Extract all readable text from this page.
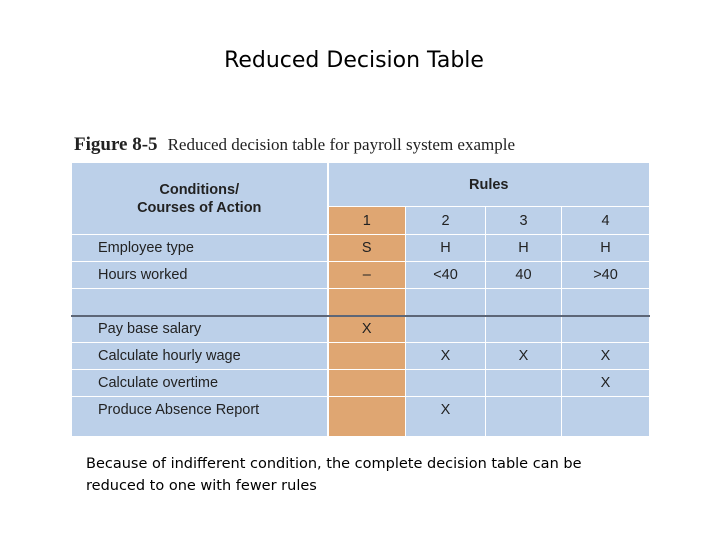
Reduced Decision Table
Figure 8-5 Reduced decision table for payroll system example
Conditions/
Courses of Action	Rules			
	1	2	3	4
Employee type	S	H	H	H
Hours worked	–	<40	40	>40

Pay base salary	X			
Calculate hourly wage		X	X	X
Calculate overtime				X
Produce Absence Report		X		
Because of indifferent condition, the complete decision table can be reduced to one with fewer rules
